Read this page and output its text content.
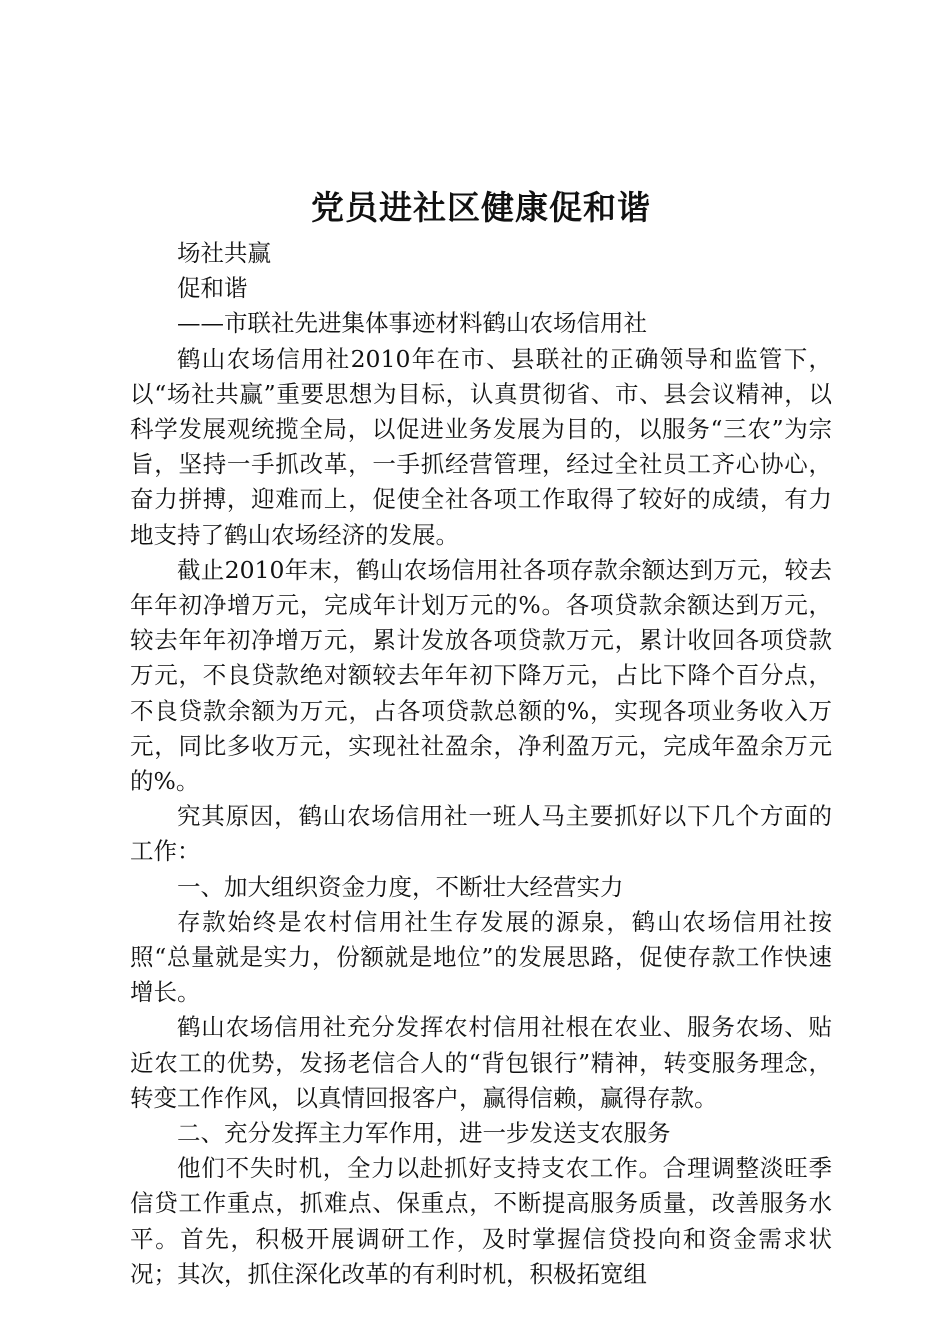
党员进社区健康促和谐

场社共赢

促和谐

——市联社先进集体事迹材料鹤山农场信用社

鹤山农场信用社2010年在市、县联社的正确领导和监管下，以“场社共赢”重要思想为目标，认真贯彻省、市、县会议精神，以科学发展观统揽全局，以促进业务发展为目的，以服务“三农”为宗旨，坚持一手抓改革，一手抓经营管理，经过全社员工齐心协心，奋力拼搏，迎难而上，促使全社各项工作取得了较好的成绩，有力地支持了鹤山农场经济的发展。

截止2010年末，鹤山农场信用社各项存款余额达到万元，较去年年初净增万元，完成年计划万元的%。各项贷款余额达到万元，较去年年初净增万元，累计发放各项贷款万元，累计收回各项贷款万元，不良贷款绝对额较去年年初下降万元，占比下降个百分点，不良贷款余额为万元，占各项贷款总额的%，实现各项业务收入万元，同比多收万元，实现社社盈余，净利盈万元，完成年盈余万元的%。

究其原因，鹤山农场信用社一班人马主要抓好以下几个方面的工作：

一、加大组织资金力度，不断壮大经营实力

存款始终是农村信用社生存发展的源泉，鹤山农场信用社按照“总量就是实力，份额就是地位”的发展思路，促使存款工作快速增长。

鹤山农场信用社充分发挥农村信用社根在农业、服务农场、贴近农工的优势，发扬老信合人的“背包银行”精神，转变服务理念，转变工作作风，以真情回报客户，赢得信赖，赢得存款。

二、充分发挥主力军作用，进一步发送支农服务

他们不失时机，全力以赴抓好支持支农工作。合理调整淡旺季信贷工作重点，抓难点、保重点，不断提高服务质量，改善服务水平。首先，积极开展调研工作，及时掌握信贷投向和资金需求状况；其次，抓住深化改革的有利时机，积极拓宽组
